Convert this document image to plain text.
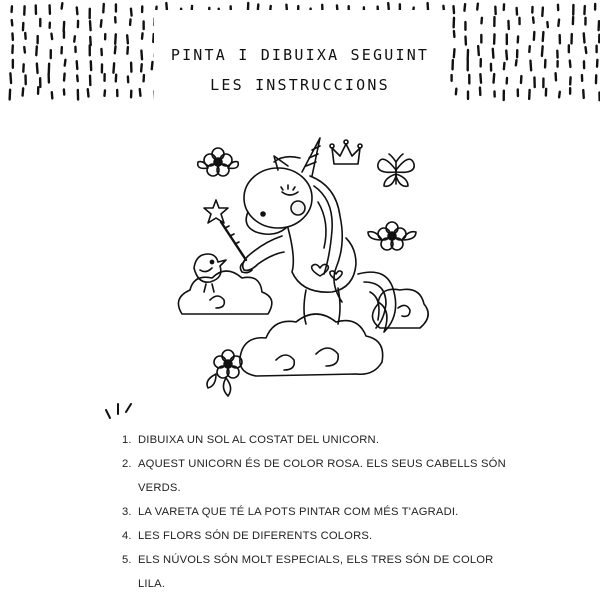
PINTA I DIBUIXA SEGUINT
LES INSTRUCCIONS
1. DIBUIXA UN SOL AL COSTAT DEL UNICORN.
2. AQUEST UNICORN ÉS DE COLOR ROSA. ELS SEUS CABELLS SÓN VERDS.
3. LA VARETA QUE TÉ LA POTS PINTAR COM MÉS T'AGRADI.
4. LES FLORS SÓN DE DIFERENTS COLORS.
5. ELS NÚVOLS SÓN MOLT ESPECIALS, ELS TRES SÓN DE COLOR LILA.
